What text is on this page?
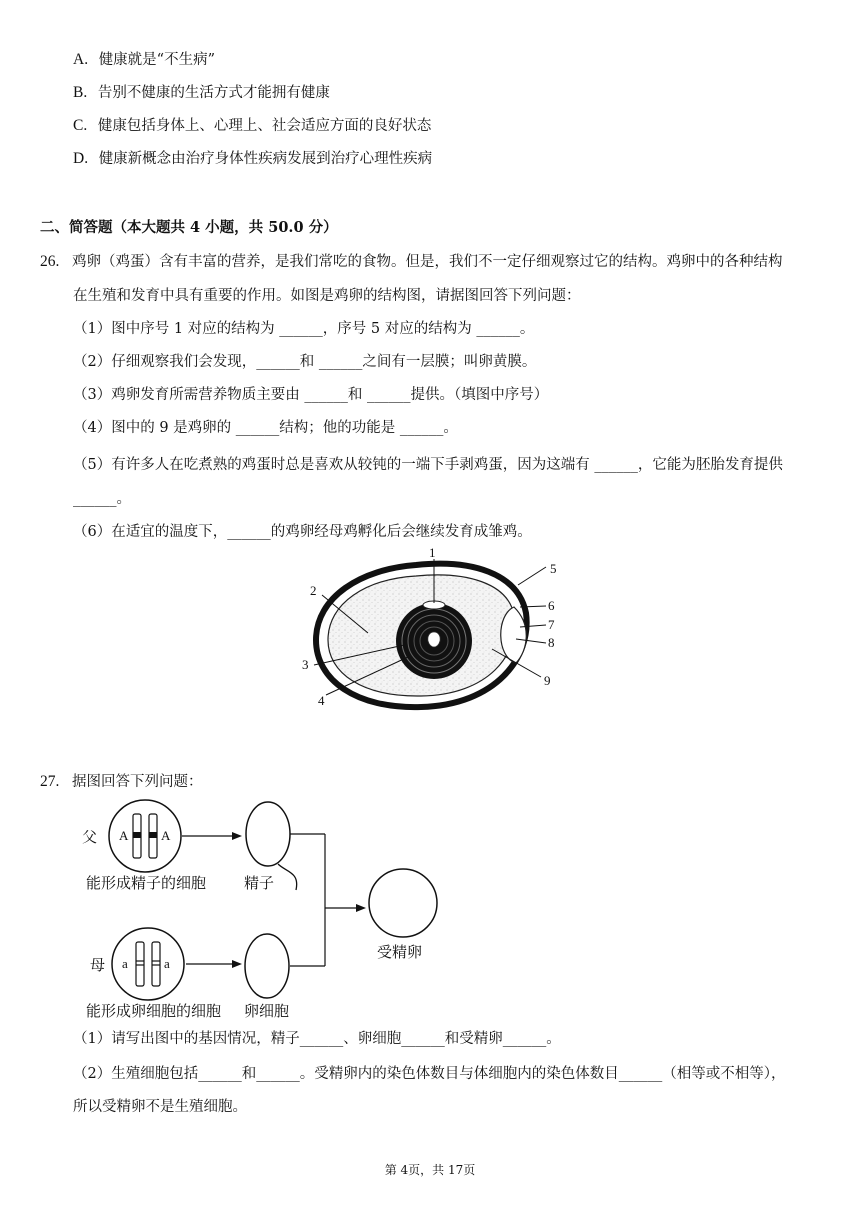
A. 健康就是“不生病”
B. 告别不健康的生活方式才能拥有健康
C. 健康包括身体上、心理上、社会适应方面的良好状态
D. 健康新概念由治疗身体性疾病发展到治疗心理性疾病
二、简答题（本大题共 4 小题，共 50.0 分）
26. 鸡卵（鸡蛋）含有丰富的营养，是我们常吃的食物。但是，我们不一定仔细观察过它的结构。鸡卵中的各种结构
在生殖和发育中具有重要的作用。如图是鸡卵的结构图，请据图回答下列问题：
（1）图中序号 1 对应的结构为 ______，序号 5 对应的结构为 ______。
（2）仔细观察我们会发现，______和 ______之间有一层膜；叫卵黄膜。
（3）鸡卵发育所需营养物质主要由 ______和 ______提供。（填图中序号）
（4）图中的 9 是鸡卵的 ______结构；他的功能是 ______。
（5）有许多人在吃煮熟的鸡蛋时总是喜欢从较钝的一端下手剥鸡蛋，因为这端有 ______，它能为胚胎发育提供
______。
（6）在适宜的温度下，______的鸡卵经母鸡孵化后会继续发育成雏鸡。
1
2
3
4
5
6
7
8
9
27. 据图回答下列问题：
父 A	A
能形成精子的细胞	精子
母 a	a
能形成卵细胞的细胞 卵细胞
受精卵
（1）请写出图中的基因情况，精子______、卵细胞______和受精卵______。
（2）生殖细胞包括______和______。受精卵内的染色体数目与体细胞内的染色体数目______（相等或不相等），
所以受精卵不是生殖细胞。
第 4页，共 17页
